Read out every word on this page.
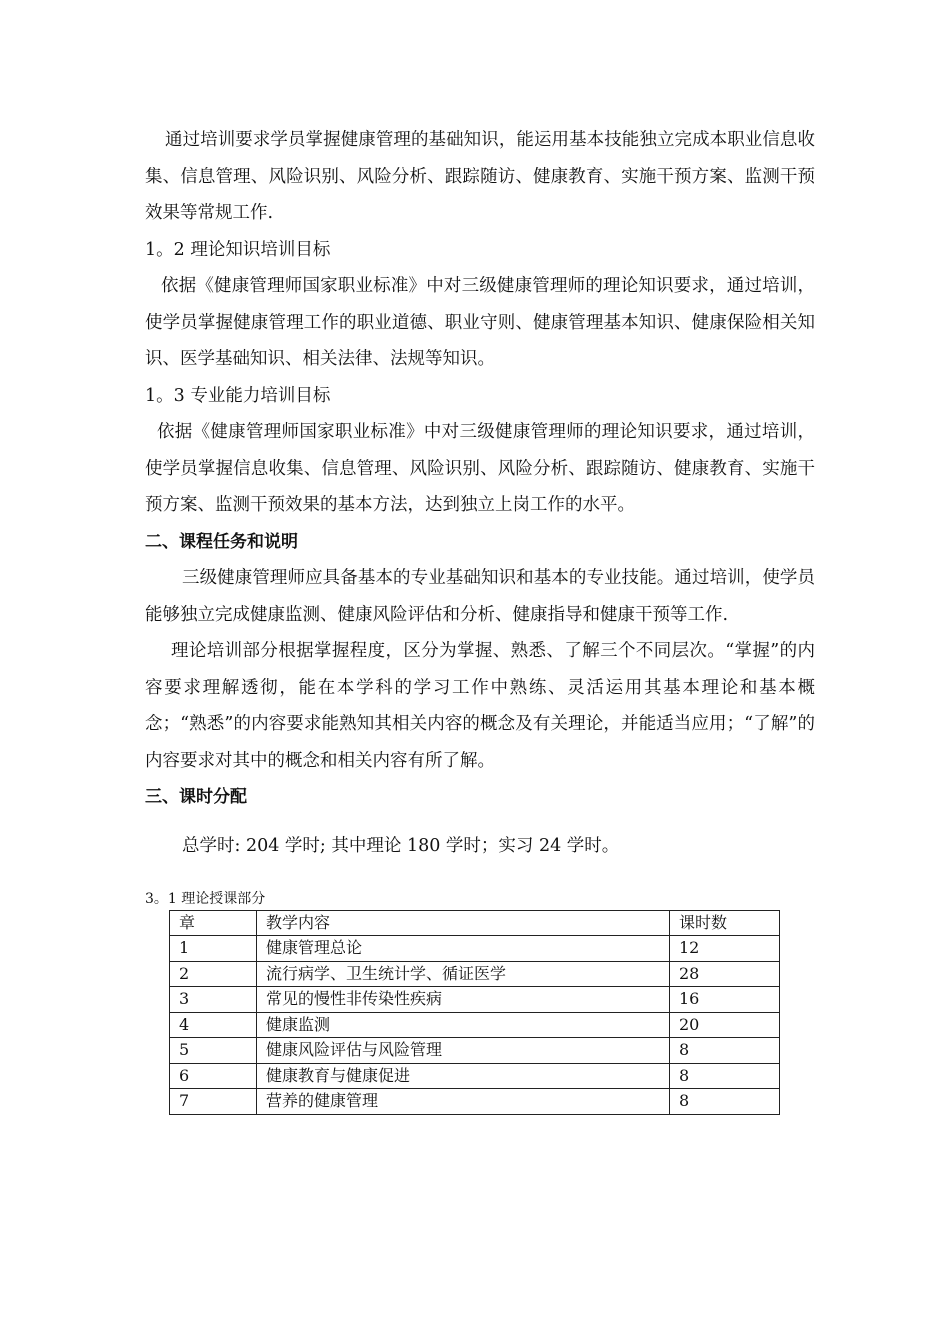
通过培训要求学员掌握健康管理的基础知识，能运用基本技能独立完成本职业信息收集、信息管理、风险识别、风险分析、跟踪随访、健康教育、实施干预方案、监测干预效果等常规工作.

1。2 理论知识培训目标

依据《健康管理师国家职业标准》中对三级健康管理师的理论知识要求，通过培训，使学员掌握健康管理工作的职业道德、职业守则、健康管理基本知识、健康保险相关知识、医学基础知识、相关法律、法规等知识。

1。3 专业能力培训目标

依据《健康管理师国家职业标准》中对三级健康管理师的理论知识要求，通过培训，使学员掌握信息收集、信息管理、风险识别、风险分析、跟踪随访、健康教育、实施干预方案、监测干预效果的基本方法，达到独立上岗工作的水平。

二、课程任务和说明

三级健康管理师应具备基本的专业基础知识和基本的专业技能。通过培训，使学员能够独立完成健康监测、健康风险评估和分析、健康指导和健康干预等工作.

理论培训部分根据掌握程度，区分为掌握、熟悉、了解三个不同层次。“掌握”的内容要求理解透彻，能在本学科的学习工作中熟练、灵活运用其基本理论和基本概念；“熟悉”的内容要求能熟知其相关内容的概念及有关理论，并能适当应用；“了解”的内容要求对其中的概念和相关内容有所了解。

三、课时分配

总学时: 204 学时; 其中理论 180 学时；实习 24 学时。

3。1 理论授课部分

章	教学内容	课时数
1	健康管理总论	12
2	流行病学、卫生统计学、循证医学	28
3	常见的慢性非传染性疾病	16
4	健康监测	20
5	健康风险评估与风险管理	8
6	健康教育与健康促进	8
7	营养的健康管理	8
